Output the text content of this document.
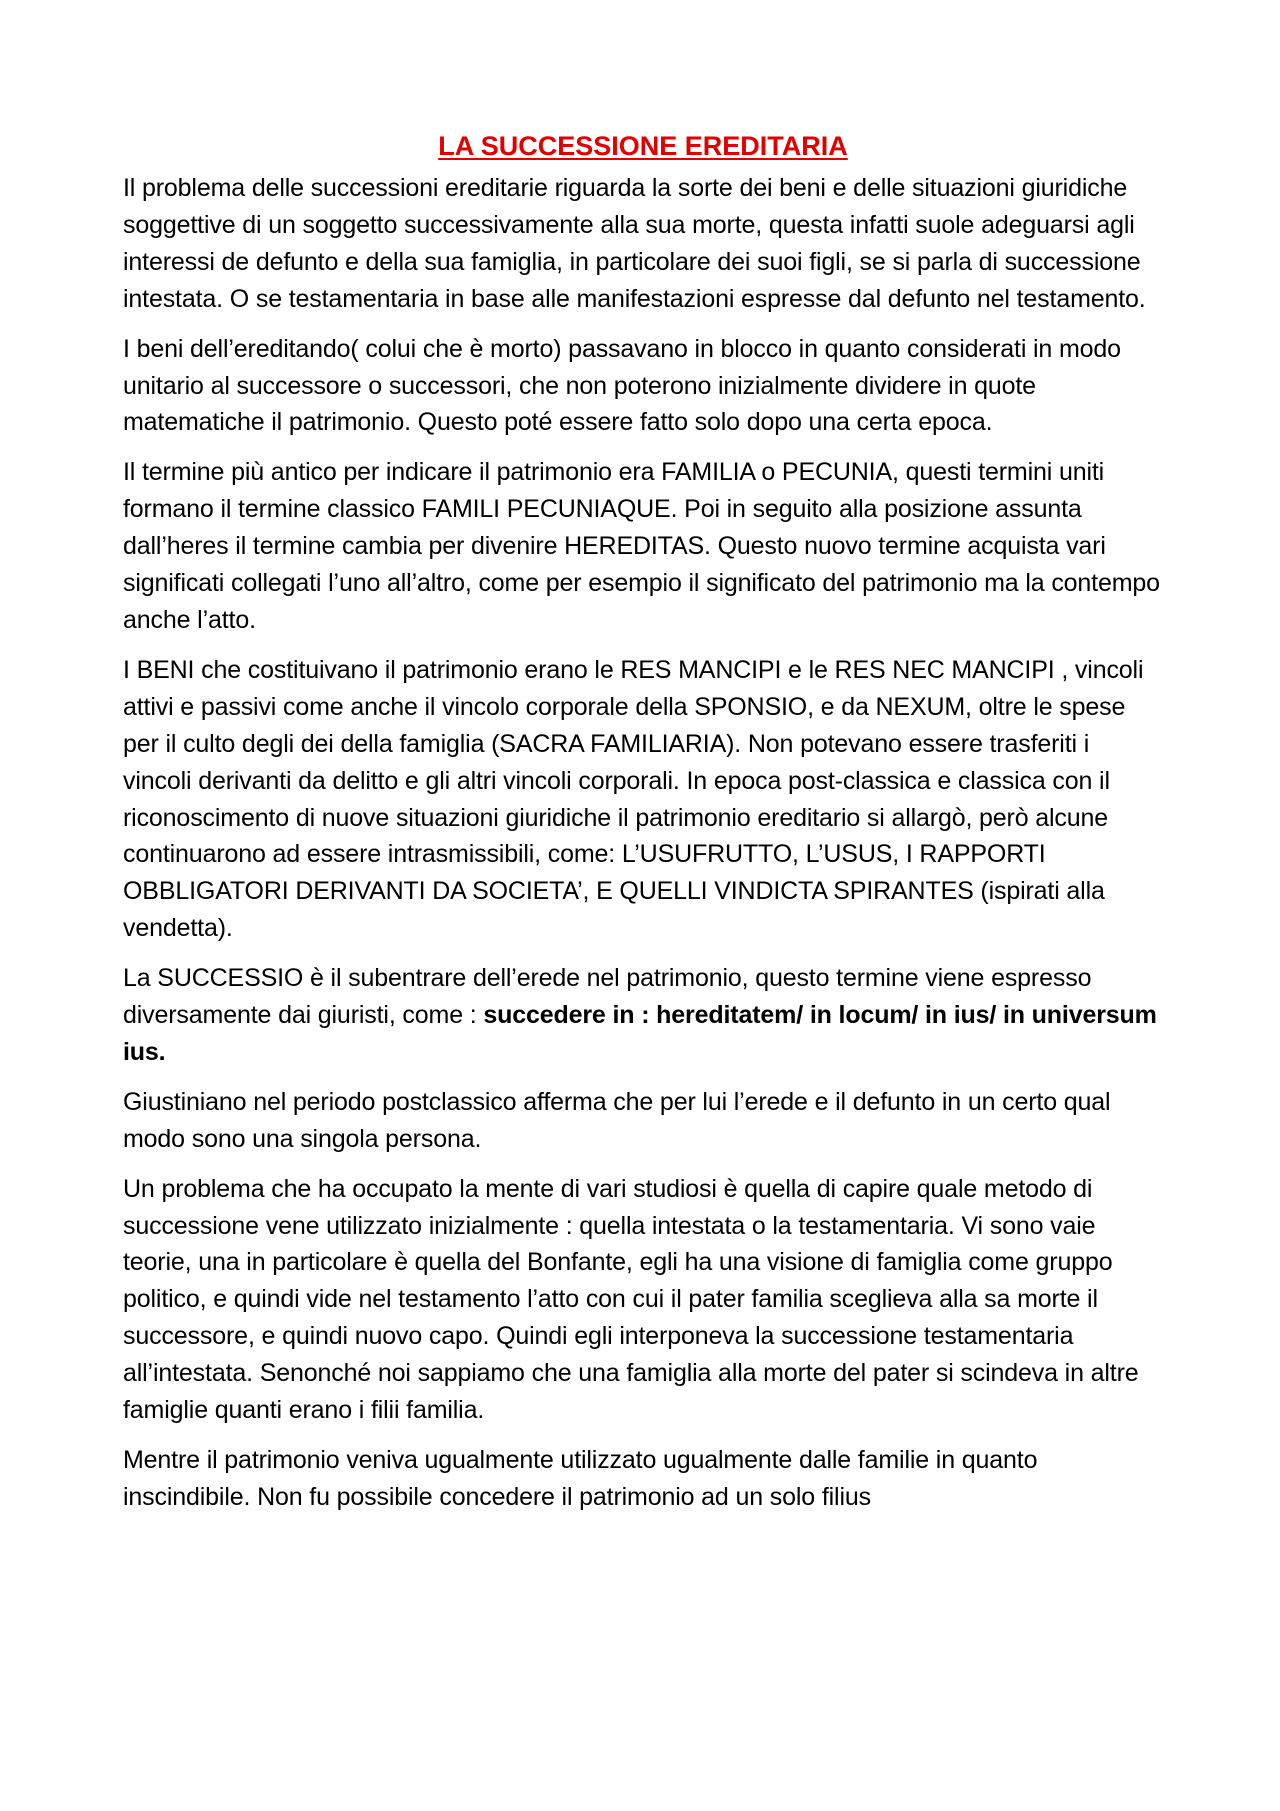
LA SUCCESSIONE EREDITARIA

Il problema delle successioni ereditarie riguarda la sorte dei beni e delle situazioni giuridiche soggettive di un soggetto successivamente alla sua morte, questa infatti suole adeguarsi agli interessi de defunto e della sua famiglia, in particolare dei suoi figli, se si parla di successione intestata. O se testamentaria in base alle manifestazioni espresse dal defunto nel testamento.

I beni dell’ereditando( colui che è morto) passavano in blocco in quanto considerati in modo unitario al successore o successori, che non poterono inizialmente dividere in quote matematiche il patrimonio. Questo poté essere fatto solo dopo una certa epoca.

Il termine più antico per indicare il patrimonio era FAMILIA o PECUNIA, questi termini uniti formano il termine classico FAMILI PECUNIAQUE. Poi in seguito alla posizione assunta dall’heres il termine cambia per divenire HEREDITAS. Questo nuovo termine acquista vari significati collegati l’uno all’altro, come per esempio il significato del patrimonio ma la contempo anche l’atto.

I BENI che costituivano il patrimonio erano le RES MANCIPI e le RES NEC MANCIPI , vincoli attivi e passivi come anche il vincolo corporale della SPONSIO, e da NEXUM, oltre le spese per il culto degli dei della famiglia (SACRA FAMILIARIA). Non potevano essere trasferiti i vincoli derivanti da delitto e gli altri vincoli corporali. In epoca post-classica e classica con il riconoscimento di nuove situazioni giuridiche il patrimonio ereditario si allargò, però alcune continuarono ad essere intrasmissibili, come: L’USUFRUTTO, L’USUS, I RAPPORTI OBBLIGATORI DERIVANTI DA SOCIETA’, E QUELLI VINDICTA SPIRANTES (ispirati alla vendetta).

La SUCCESSIO è il subentrare dell’erede nel patrimonio, questo termine viene espresso diversamente dai giuristi, come : succedere in : hereditatem/ in locum/ in ius/ in universum ius.

Giustiniano nel periodo postclassico afferma che per lui l’erede e il defunto in un certo qual modo sono una singola persona.

Un problema che ha occupato la mente di vari studiosi è quella di capire quale metodo di successione vene utilizzato inizialmente : quella intestata o la testamentaria. Vi sono vaie teorie, una in particolare è quella del Bonfante, egli ha una visione di famiglia come gruppo politico, e quindi vide nel testamento l’atto con cui il pater familia sceglieva alla sa morte il successore, e quindi nuovo capo. Quindi egli interponeva la successione testamentaria all’intestata. Senonché noi sappiamo che una famiglia alla morte del pater si scindeva in altre famiglie quanti erano i filii familia.

Mentre il patrimonio veniva ugualmente utilizzato ugualmente dalle familie in quanto inscindibile. Non fu possibile concedere il patrimonio ad un solo filius
